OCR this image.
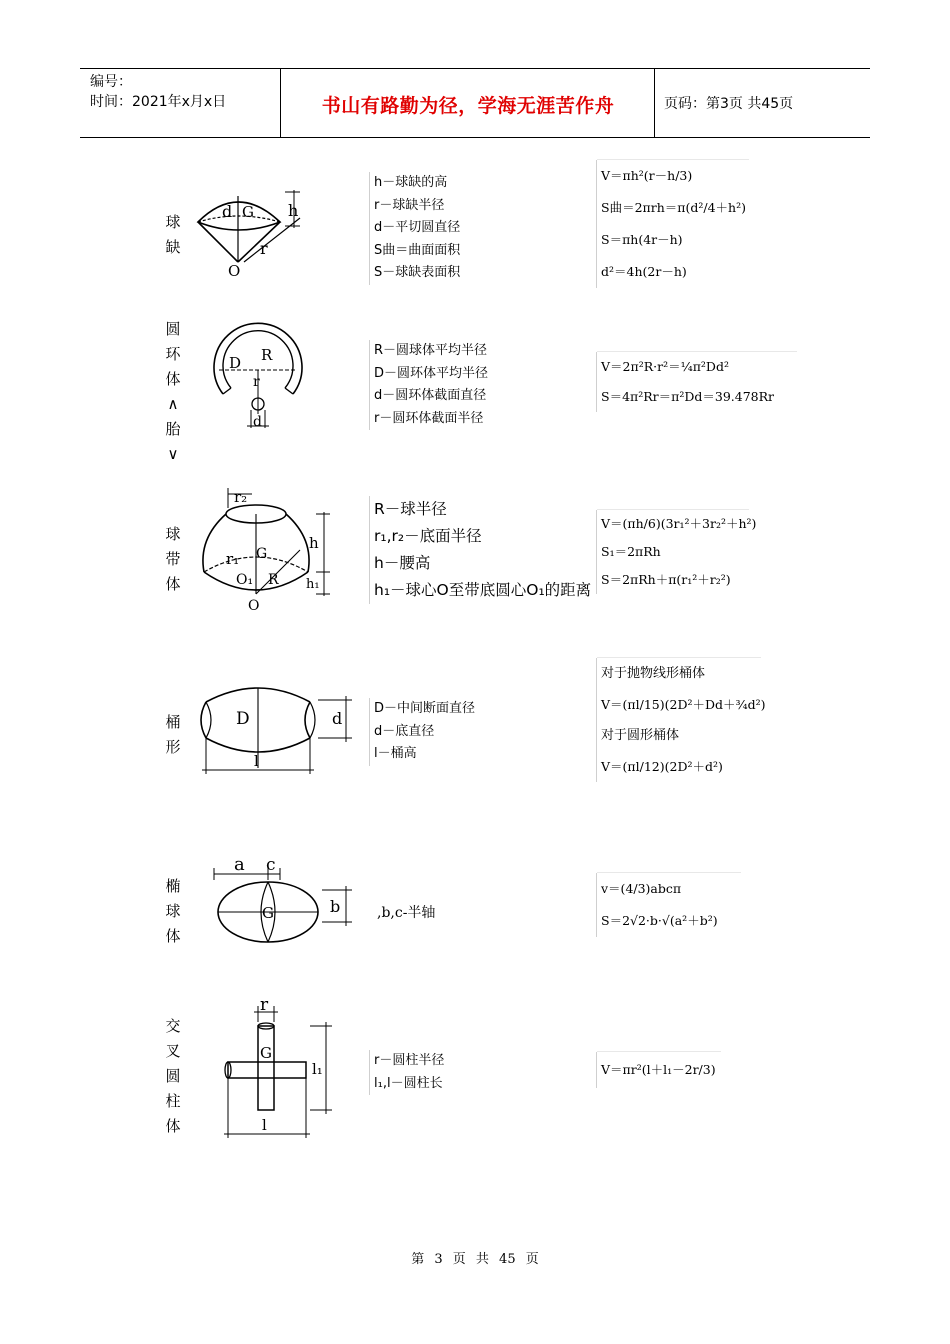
编号：
时间：2021年x月x日	书山有路勤为径，学海无涯苦作舟	页码：第3页 共45页
球缺
d G h
r
O
h－球缺的高
r－球缺半径
d－平切圆直径
S曲＝曲面面积
S－球缺表面积
V＝πh²(r－h/3)
S曲＝2πrh＝π(d²/4＋h²)
S＝πh(4r－h)
d²＝4h(2r－h)
圆
环
体
∧
胎
∨
D R
r
d
R－圆球体平均半径
D－圆环体平均半径
d－圆环体截面直径
r－圆环体截面半径
V＝2π²R·r²＝¼π²Dd²
S＝4π²Rr＝π²Dd＝39.478Rr
球
带
体
r₂
r₁ G
O₁ R
h
h₁
O
R－球半径
r₁,r₂－底面半径
h－腰高
h₁－球心O至带底圆心O₁的距离
V＝(πh/6)(3r₁²＋3r₂²＋h²)
S₁＝2πRh
S＝2πRh＋π(r₁²＋r₂²)
桶
形
D	d
l
D－中间断面直径
d－底直径
l－桶高
对于抛物线形桶体
V＝(πl/15)(2D²＋Dd＋¾d²)
对于圆形桶体
V＝(πl/12)(2D²＋d²)
椭
球
体
a c
b
G	,b,c-半轴
v＝(4/3)abcπ
S＝2√2·b·√(a²＋b²)
交
叉
圆
柱
体
r
G
l₁
l
r－圆柱半径
l₁,l－圆柱长
V＝πr²(l＋l₁－2r/3)
第 3 页 共 45 页
